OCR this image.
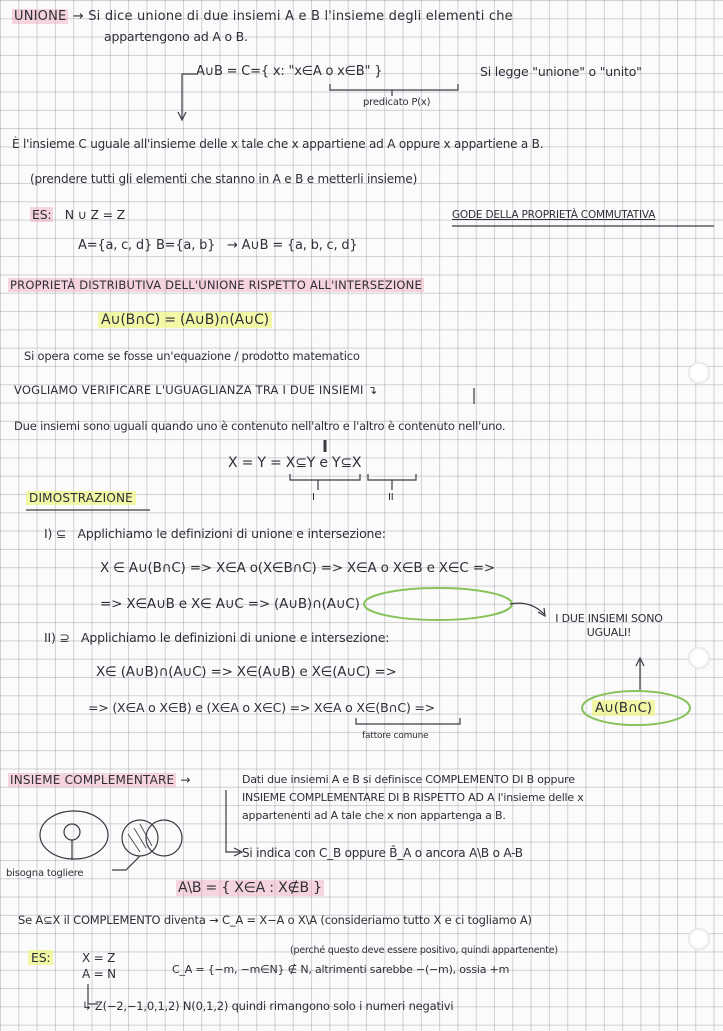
UNIONE → Si dice unione di due insiemi A e B l'insieme degli elementi che
appartengono ad A o B.
A∪B = C={ x: "x∈A o x∈B" }	Si legge "unione" o "unito"
predicato P(x)
È l'insieme C uguale all'insieme delle x tale che x appartiene ad A oppure x appartiene a B.
(prendere tutti gli elementi che stanno in A e B e metterli insieme)
ES: N ∪ Z = Z	GODE DELLA PROPRIETÀ COMMUTATIVA
A={a, c, d} B={a, b} → A∪B = {a, b, c, d}
PROPRIETÀ DISTRIBUTIVA DELL'UNIONE RISPETTO ALL'INTERSEZIONE
A∪(B∩C) = (A∪B)∩(A∪C)
Si opera come se fosse un'equazione / prodotto matematico
VOGLIAMO VERIFICARE L'UGUAGLIANZA TRA I DUE INSIEMI ↴
Due insiemi sono uguali quando uno è contenuto nell'altro e l'altro è contenuto nell'uno.
X = Y = X⊆Y e Y⊆X
I	II
DIMOSTRAZIONE
I) ⊆ Applichiamo le definizioni di unione e intersezione:
X ∈ A∪(B∩C) => X∈A o(X∈B∩C) => X∈A o X∈B e X∈C =>
=> X∈A∪B e X∈ A∪C => (A∪B)∩(A∪C)
I DUE INSIEMI SONO UGUALI!
II) ⊇ Applichiamo le definizioni di unione e intersezione:
X∈ (A∪B)∩(A∪C) => X∈(A∪B) e X∈(A∪C) =>
=> (X∈A o X∈B) e (X∈A o X∈C) => X∈A o X∈(B∩C) =>	A∪(B∩C)
fattore comune
INSIEME COMPLEMENTARE →	Dati due insiemi A e B si definisce COMPLEMENTO DI B oppure
INSIEME COMPLEMENTARE DI B RISPETTO AD A l'insieme delle x
appartenenti ad A tale che x non appartenga a B.
Si indica con C_B oppure B̄_A o ancora A\B o A-B
bisogna togliere
A\B = { X∈A : X∉B }
Se A⊆X il COMPLEMENTO diventa → C_A = X−A o X\A (consideriamo tutto X e ci togliamo A)
ES:	X = Z
A = N
(perché questo deve essere positivo, quindi appartenente)
C_A = {−m, −m∈N} ∉ N, altrimenti sarebbe −(−m), ossia +m
↳ Z(−2,−1,0,1,2) N(0,1,2) quindi rimangono solo i numeri negativi
